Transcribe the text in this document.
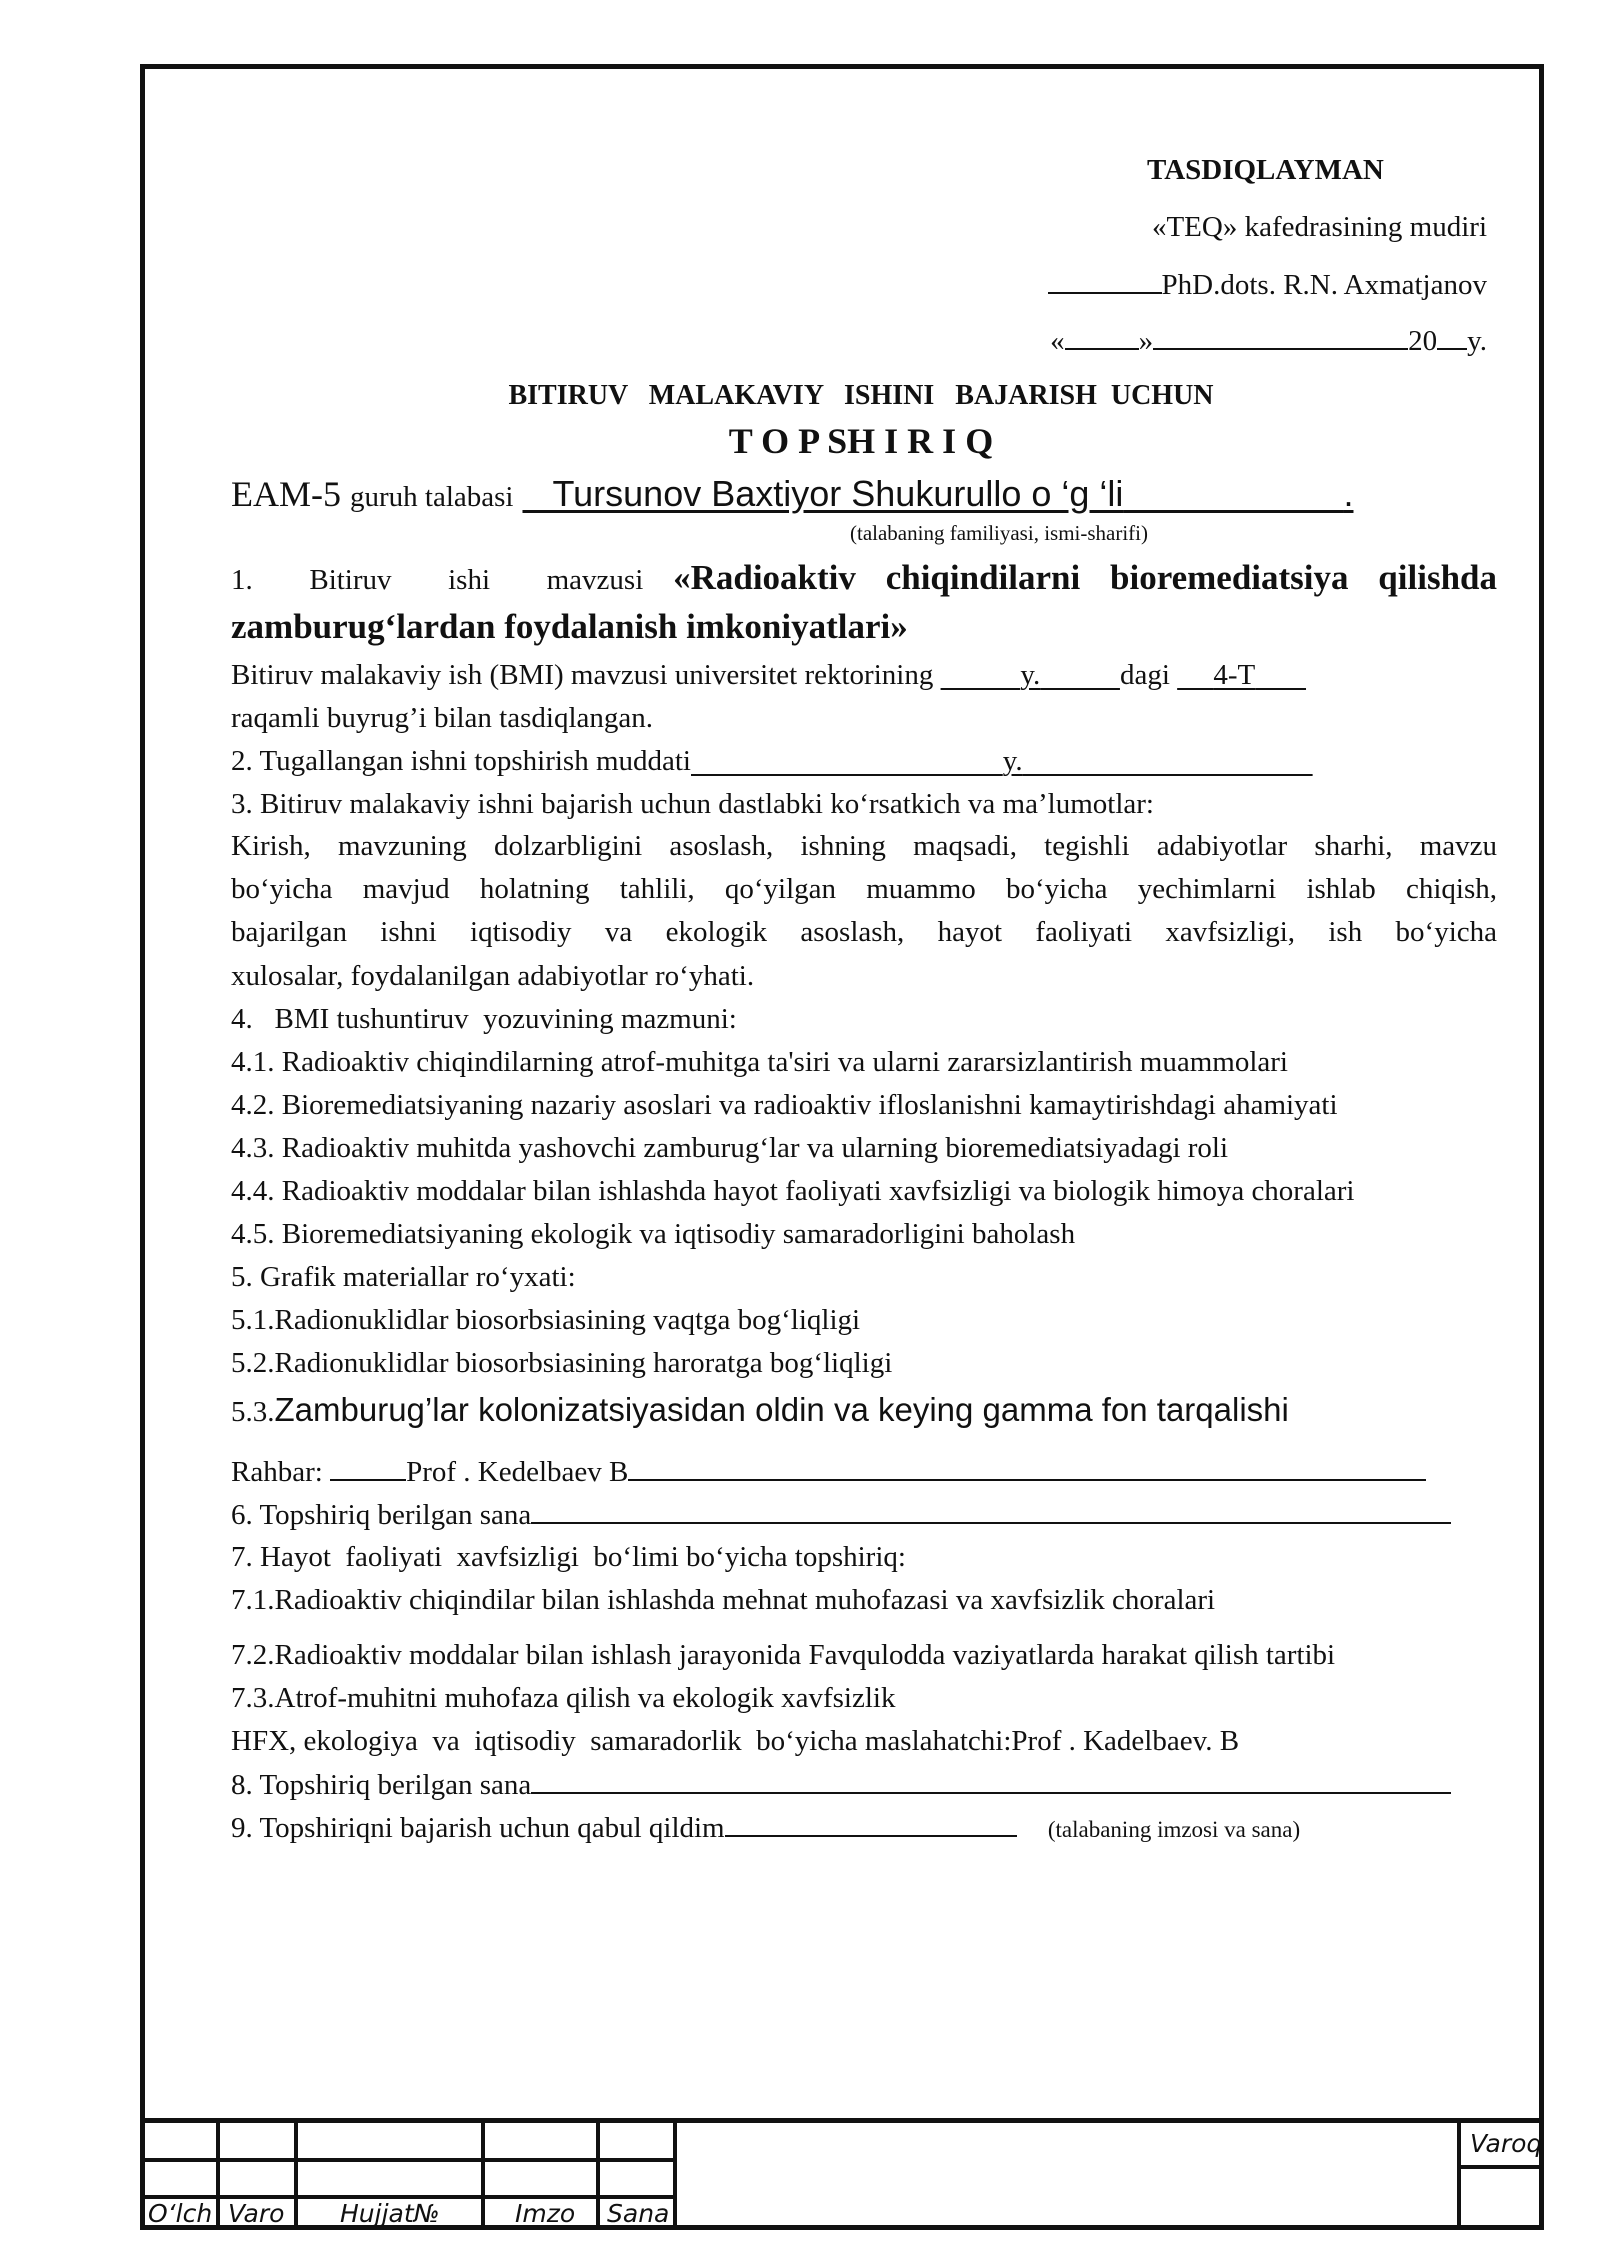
TASDIQLAYMAN
«TEQ» kafedrasining mudiri
PhD.dots. R.N. Axmatjanov
«	»	20 y.
BITIRUV   MALAKAVIY   ISHINI   BAJARISH  UCHUN
T O P SH I R I Q
EAM-5 guruh talabasi Tursunov Baxtiyor Shukurullo o ‘g ‘li	.
(talabaning familiyasi, ismi-sharifi)
1.  Bitiruv  ishi  mavzusi «Radioaktiv chiqindilarni bioremediatsiya qilishda
zamburug‘lardan foydalanish imkoniyatlari»
Bitiruv malakaviy ish (BMI) mavzusi universitet rektorining	y.	dagi 4-T
raqamli buyrug’i bilan tasdiqlangan.
2. Tugallangan ishni topshirish muddati	y.
3. Bitiruv malakaviy ishni bajarish uchun dastlabki ko‘rsatkich va ma’lumotlar:
Kirish, mavzuning dolzarbligini asoslash, ishning maqsadi, tegishli adabiyotlar sharhi, mavzu
bo‘yicha mavjud holatning tahlili, qo‘yilgan muammo bo‘yicha yechimlarni ishlab chiqish,
bajarilgan ishni iqtisodiy va ekologik asoslash, hayot faoliyati xavfsizligi, ish bo‘yicha
xulosalar, foydalanilgan adabiyotlar ro‘yhati.
4.   BMI tushuntiruv  yozuvining mazmuni:
4.1. Radioaktiv chiqindilarning atrof-muhitga ta'siri va ularni zararsizlantirish muammolari
4.2. Bioremediatsiyaning nazariy asoslari va radioaktiv ifloslanishni kamaytirishdagi ahamiyati
4.3. Radioaktiv muhitda yashovchi zamburug‘lar va ularning bioremediatsiyadagi roli
4.4. Radioaktiv moddalar bilan ishlashda hayot faoliyati xavfsizligi va biologik himoya choralari
4.5. Bioremediatsiyaning ekologik va iqtisodiy samaradorligini baholash
5. Grafik materiallar ro‘yxati:
5.1.Radionuklidlar biosorbsiasining vaqtga bog‘liqligi
5.2.Radionuklidlar biosorbsiasining haroratga bog‘liqligi
5.3.Zamburug’lar kolonizatsiyasidan oldin va keying gamma fon tarqalishi
Rahbar:	Prof . Kedelbaev B
6. Topshiriq berilgan sana
7. Hayot  faoliyati  xavfsizligi  bo‘limi bo‘yicha topshiriq:
7.1.Radioaktiv chiqindilar bilan ishlashda mehnat muhofazasi va xavfsizlik choralari
7.2.Radioaktiv moddalar bilan ishlash jarayonida Favqulodda vaziyatlarda harakat qilish tartibi
7.3.Atrof-muhitni muhofaza qilish va ekologik xavfsizlik
HFX, ekologiya  va  iqtisodiy  samaradorlik  bo‘yicha maslahatchi:Prof . Kadelbaev. B
8. Topshiriq berilgan sana
9. Topshiriqni bajarish uchun qabul qildim	(talabaning imzosi va sana)
O‘lch Varo Hujjat№	Imzo Sana
Varoq
